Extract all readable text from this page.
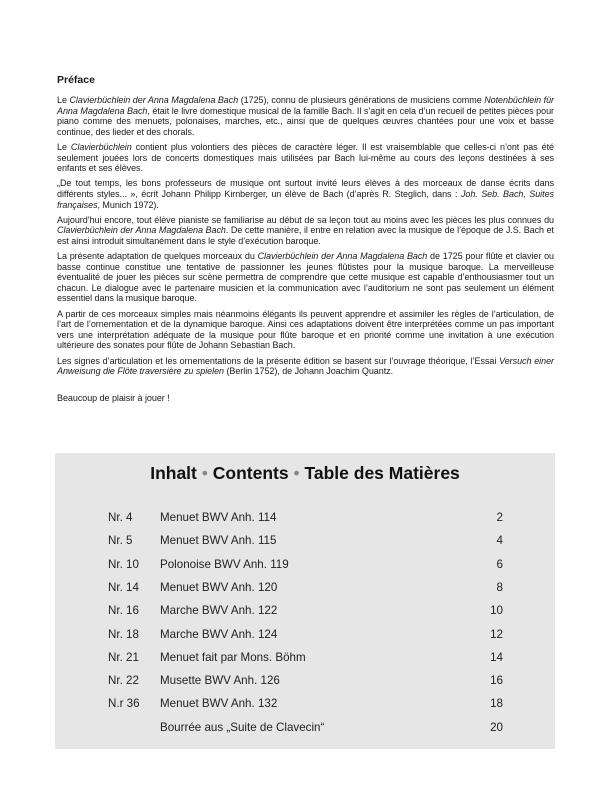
Préface

Le Clavierbüchlein der Anna Magdalena Bach (1725), connu de plusieurs générations de musiciens comme Notenbüchlein für Anna Magdalena Bach, était le livre domestique musical de la famille Bach. Il s’agit en cela d’un recueil de petites pièces pour piano comme des menuets, polonaises, marches, etc., ainsi que de quelques œuvres chantées pour une voix et basse continue, des lieder et des chorals.

Le Clavierbüchlein contient plus volontiers des pièces de caractère léger. Il est vraisemblable que celles-ci n’ont pas été seulement jouées lors de concerts domestiques mais utilisées par Bach lui-même au cours des leçons destinées à ses enfants et ses élèves.

„De tout temps, les bons professeurs de musique ont surtout invité leurs élèves à des morceaux de danse écrits dans différents styles... », écrit Johann Philipp Kirnberger, un élève de Bach (d’après R. Steglich, dans : Joh. Seb. Bach, Suites françaises, Munich 1972).

Aujourd’hui encore, tout élève pianiste se familiarise au début de sa leçon tout au moins avec les pièces les plus connues du Clavierbüchlein der Anna Magdalena Bach. De cette manière, il entre en relation avec la musique de l’époque de J.S. Bach et est ainsi introduit simultanément dans le style d’exécution baroque.

La présente adaptation de quelques morceaux du Clavierbüchlein der Anna Magdalena Bach de 1725 pour flûte et clavier ou basse continue constitue une tentative de passionner les jeunes flûtistes pour la musique baroque. La merveilleuse éventualité de jouer les pièces sur scène permettra de comprendre que cette musique est capable d’enthousiasmer tout un chacun. Le dialogue avec le partenaire musicien et la communication avec l’auditorium ne sont pas seulement un élément essentiel dans la musique baroque.

A partir de ces morceaux simples mais néanmoins élégants ils peuvent apprendre et assimiler les règles de l’articulation, de l’art de l’ornementation et de la dynamique baroque. Ainsi ces adaptations doivent être interprétées comme un pas important vers une interprétation adéquate de la musique pour flûte baroque et en priorité comme une invitation à une exécution ultérieure des sonates pour flûte de Johann Sebastian Bach.

Les signes d’articulation et les ornementations de la présente édition se basent sur l’ouvrage théorique, l’Essai Versuch einer Anweisung die Flöte traversière zu spielen (Berlin 1752), de Johann Joachim Quantz.

Beaucoup de plaisir à jouer !

Inhalt • Contents • Table des Matières
Nr. 4 Menuet BWV Anh. 114	2
Nr. 5 Menuet BWV Anh. 115	4
Nr. 10 Polonoise BWV Anh. 119	6
Nr. 14 Menuet BWV Anh. 120	8
Nr. 16 Marche BWV Anh. 122	10
Nr. 18 Marche BWV Anh. 124	12
Nr. 21 Menuet fait par Mons. Böhm	14
Nr. 22 Musette BWV Anh. 126	16
N.r 36 Menuet BWV Anh. 132	18
Bourrée aus „Suite de Clavecin“	20
